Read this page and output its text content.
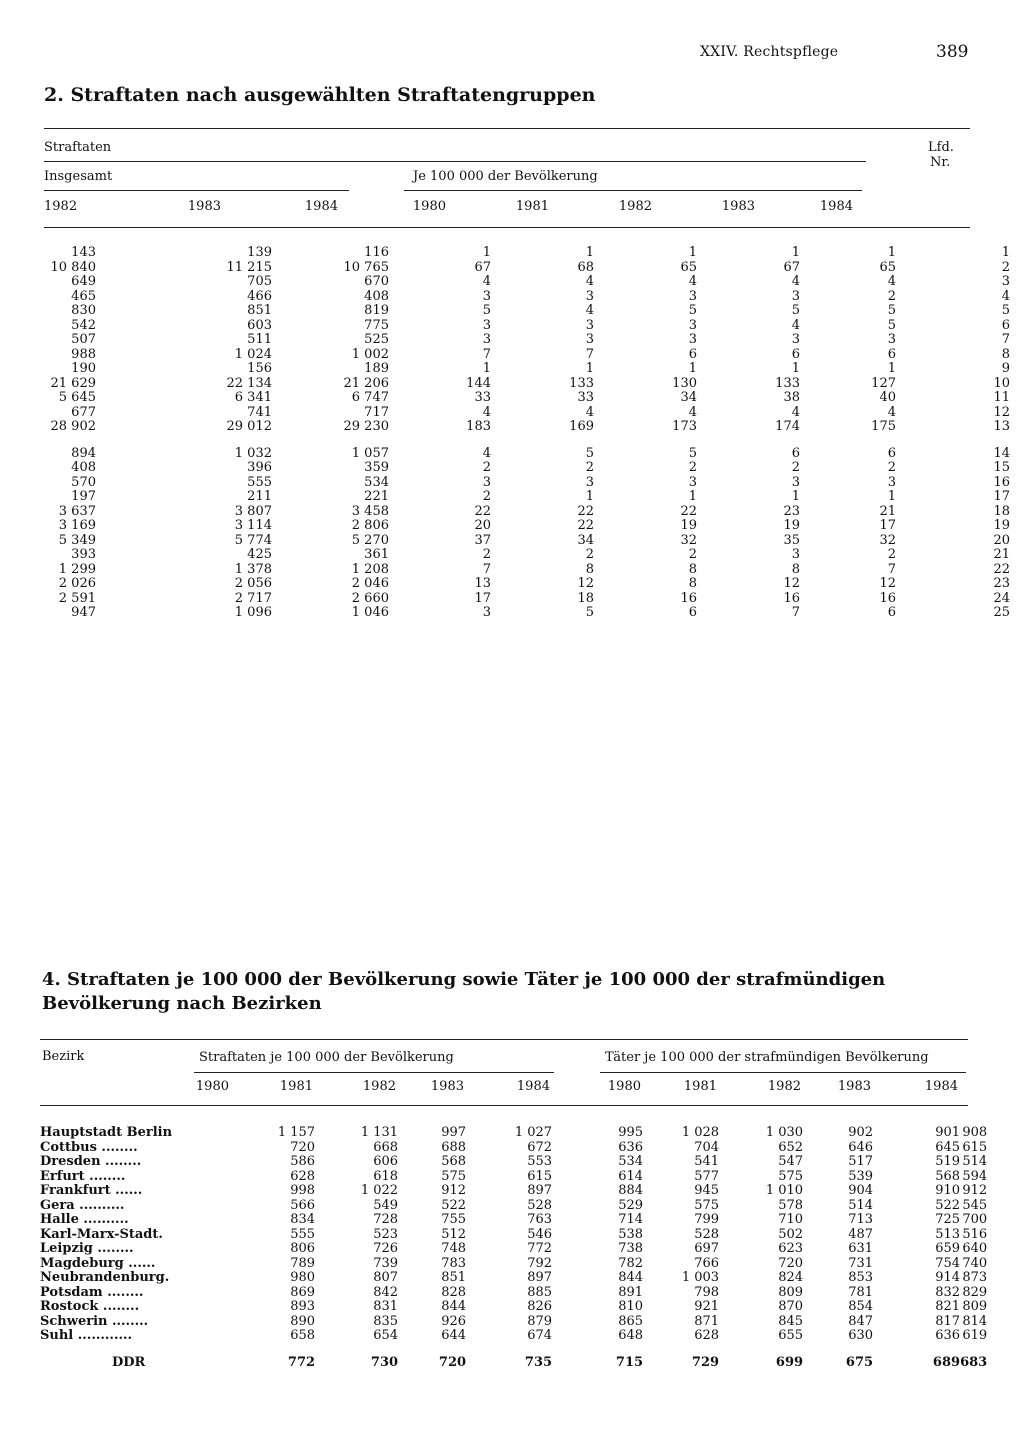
XXIV. Rechtspflege	389
2. Straftaten nach ausgewählten Straftatengruppen
Straftaten	Lfd.
Nr.
Insgesamt	Je 100 000 der Bevölkerung
1982	1983	1984	1980	1981	1982	1983	1984
143	139	116	1	1	1	1	1	1
10 840	11 215	10 765	67	68	65	67	65	2
649	705	670	4	4	4	4	4	3
465	466	408	3	3	3	3	2	4
830	851	819	5	4	5	5	5	5
542	603	775	3	3	3	4	5	6
507	511	525	3	3	3	3	3	7
988	1 024	1 002	7	7	6	6	6	8
190	156	189	1	1	1	1	1	9
21 629	22 134	21 206	144	133	130	133	127	10
5 645	6 341	6 747	33	33	34	38	40	11
677	741	717	4	4	4	4	4	12
28 902	29 012	29 230	183	169	173	174	175	13

894	1 032	1 057	4	5	5	6	6	14
408	396	359	2	2	2	2	2	15
570	555	534	3	3	3	3	3	16
197	211	221	2	1	1	1	1	17
3 637	3 807	3 458	22	22	22	23	21	18
3 169	3 114	2 806	20	22	19	19	17	19
5 349	5 774	5 270	37	34	32	35	32	20
393	425	361	2	2	2	3	2	21
1 299	1 378	1 208	7	8	8	8	7	22
2 026	2 056	2 046	13	12	8	12	12	23
2 591	2 717	2 660	17	18	16	16	16	24
947	1 096	1 046	3	5	6	7	6	25
4. Straftaten je 100 000 der Bevölkerung sowie Täter je 100 000 der strafmündigen Bevölkerung nach Bezirken
Bezirk	Straftaten je 100 000 der Bevölkerung	Täter je 100 000 der strafmündigen Bevölkerung
1980	1981	1982	1983	1984	1980	1981	1982	1983	1984
Hauptstadt Berlin		1 157	1 131	997	1 027	995	1 028	1 030	902	901	908
Cottbus ........		720	668	688	672	636	704	652	646	645	615
Dresden ........		586	606	568	553	534	541	547	517	519	514
Erfurt ........		628	618	575	615	614	577	575	539	568	594
Frankfurt ......		998	1 022	912	897	884	945	1 010	904	910	912
Gera ..........		566	549	522	528	529	575	578	514	522	545
Halle ..........		834	728	755	763	714	799	710	713	725	700
Karl-Marx-Stadt.		555	523	512	546	538	528	502	487	513	516
Leipzig ........		806	726	748	772	738	697	623	631	659	640
Magdeburg ......		789	739	783	792	782	766	720	731	754	740
Neubrandenburg.		980	807	851	897	844	1 003	824	853	914	873
Potsdam ........		869	842	828	885	891	798	809	781	832	829
Rostock ........		893	831	844	826	810	921	870	854	821	809
Schwerin ........		890	835	926	879	865	871	845	847	817	814
Suhl ............		658	654	644	674	648	628	655	630	636	619
DDR		772	730	720	735	715	729	699	675	689	683
